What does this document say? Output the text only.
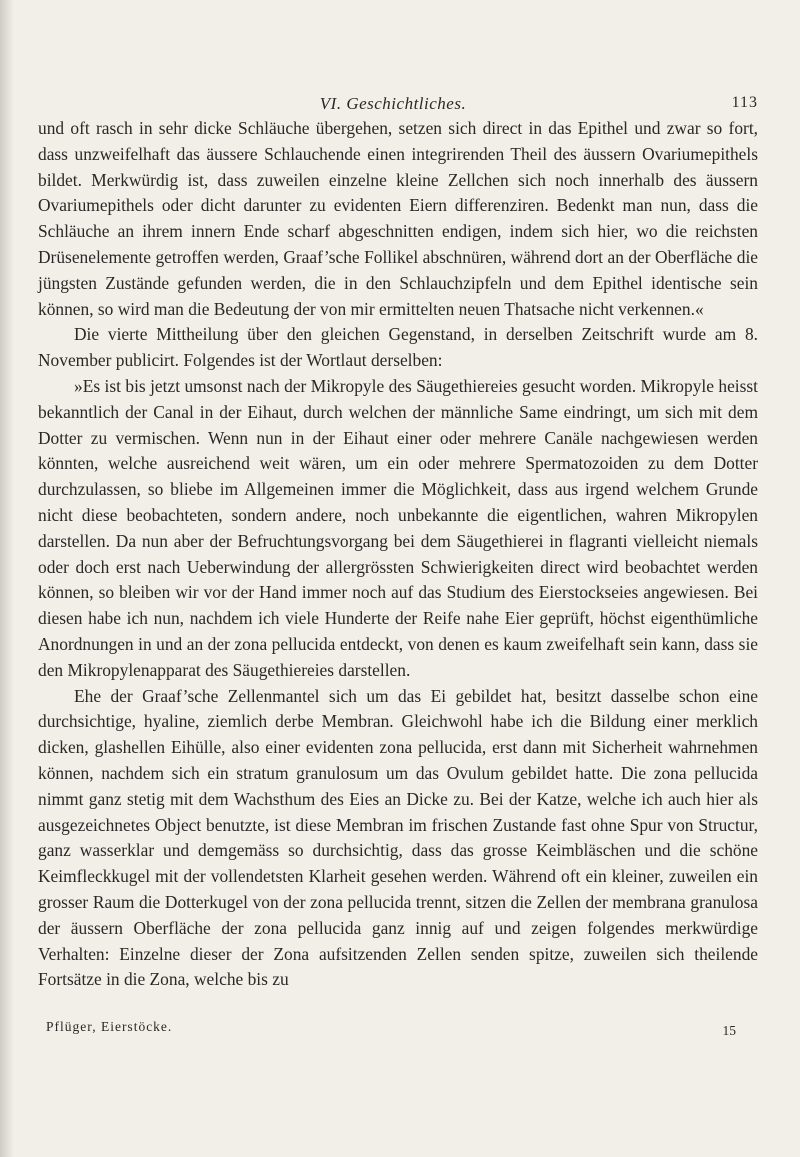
VI. Geschichtliches.	113

und oft rasch in sehr dicke Schläuche übergehen, setzen sich direct in das Epithel und zwar so fort, dass unzweifelhaft das äussere Schlauchende einen integrirenden Theil des äussern Ovariumepithels bildet. Merkwürdig ist, dass zuweilen einzelne kleine Zellchen sich noch innerhalb des äussern Ovariumepithels oder dicht darunter zu evidenten Eiern differenziren. Bedenkt man nun, dass die Schläuche an ihrem innern Ende scharf abgeschnitten endigen, indem sich hier, wo die reichsten Drüsenelemente getroffen werden, Graaf’sche Follikel abschnüren, während dort an der Oberfläche die jüngsten Zustände gefunden werden, die in den Schlauchzipfeln und dem Epithel identische sein können, so wird man die Bedeutung der von mir ermittelten neuen Thatsache nicht verkennen.«

Die vierte Mittheilung über den gleichen Gegenstand, in derselben Zeitschrift wurde am 8. November publicirt. Folgendes ist der Wortlaut derselben:

»Es ist bis jetzt umsonst nach der Mikropyle des Säugethiereies gesucht worden. Mikropyle heisst bekanntlich der Canal in der Eihaut, durch welchen der männliche Same eindringt, um sich mit dem Dotter zu vermischen. Wenn nun in der Eihaut einer oder mehrere Canäle nachgewiesen werden könnten, welche ausreichend weit wären, um ein oder mehrere Spermatozoiden zu dem Dotter durchzulassen, so bliebe im Allgemeinen immer die Möglichkeit, dass aus irgend welchem Grunde nicht diese beobachteten, sondern andere, noch unbekannte die eigentlichen, wahren Mikropylen darstellen. Da nun aber der Befruchtungsvorgang bei dem Säugethierei in flagranti vielleicht niemals oder doch erst nach Ueberwindung der allergrössten Schwierigkeiten direct wird beobachtet werden können, so bleiben wir vor der Hand immer noch auf das Studium des Eierstockseies angewiesen. Bei diesen habe ich nun, nachdem ich viele Hunderte der Reife nahe Eier geprüft, höchst eigenthümliche Anordnungen in und an der zona pellucida entdeckt, von denen es kaum zweifelhaft sein kann, dass sie den Mikropylenapparat des Säugethiereies darstellen.

Ehe der Graaf’sche Zellenmantel sich um das Ei gebildet hat, besitzt dasselbe schon eine durchsichtige, hyaline, ziemlich derbe Membran. Gleichwohl habe ich die Bildung einer merklich dicken, glashellen Eihülle, also einer evidenten zona pellucida, erst dann mit Sicherheit wahrnehmen können, nachdem sich ein stratum granulosum um das Ovulum gebildet hatte. Die zona pellucida nimmt ganz stetig mit dem Wachsthum des Eies an Dicke zu. Bei der Katze, welche ich auch hier als ausgezeichnetes Object benutzte, ist diese Membran im frischen Zustande fast ohne Spur von Structur, ganz wasserklar und demgemäss so durchsichtig, dass das grosse Keimbläschen und die schöne Keimfleckkugel mit der vollendetsten Klarheit gesehen werden. Während oft ein kleiner, zuweilen ein grosser Raum die Dotterkugel von der zona pellucida trennt, sitzen die Zellen der membrana granulosa der äussern Oberfläche der zona pellucida ganz innig auf und zeigen folgendes merkwürdige Verhalten: Einzelne dieser der Zona aufsitzenden Zellen senden spitze, zuweilen sich theilende Fortsätze in die Zona, welche bis zu

Pflüger, Eierstöcke.	15
